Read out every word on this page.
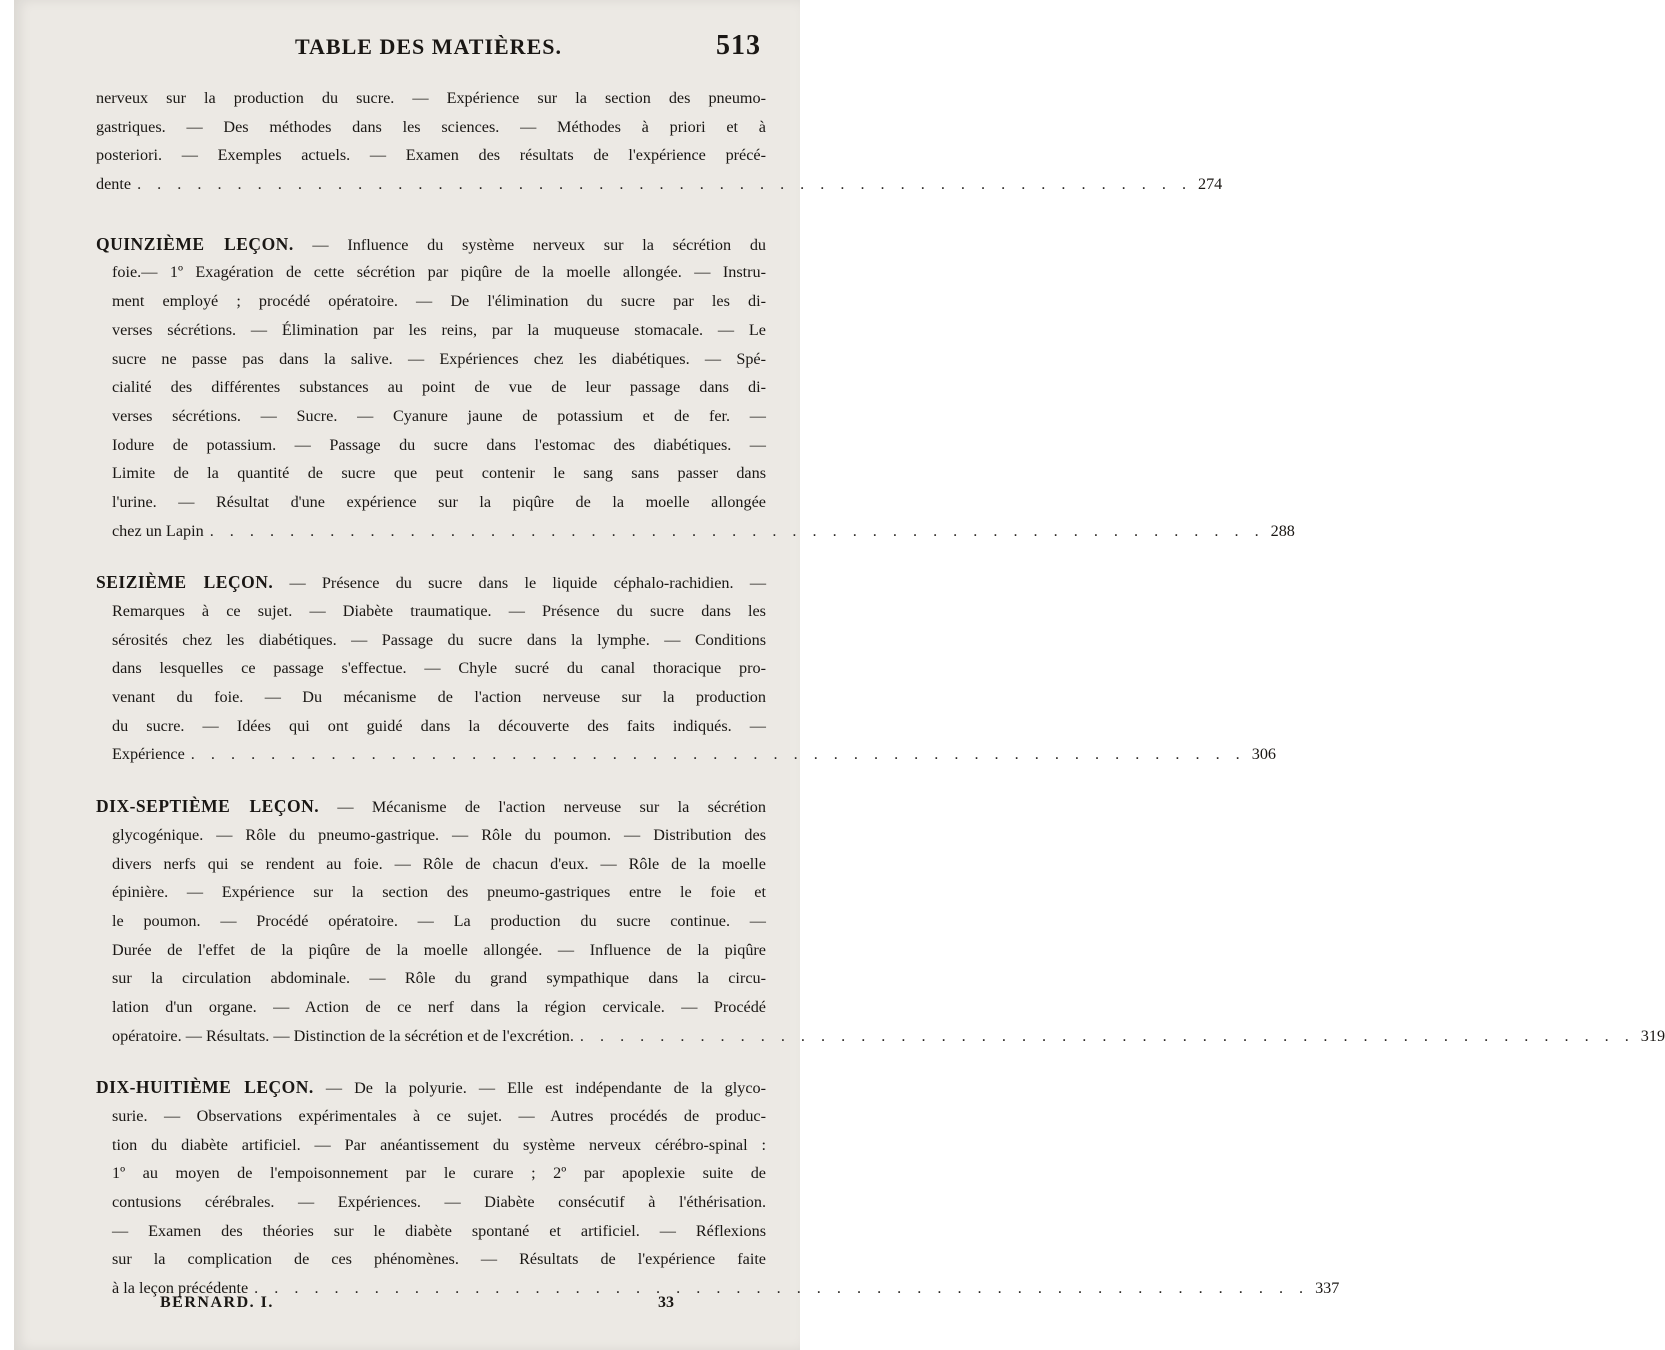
TABLE DES MATIÈRES.	513
nerveux sur la production du sucre. — Expérience sur la section des pneumo-
gastriques. — Des méthodes dans les sciences. — Méthodes à priori et à
posteriori. — Exemples actuels. — Examen des résultats de l'expérience précé-
dente . . . . . . . . . . . . . . . . . . . . . . . . . . . . . . . . . . . . . . . . . . . . . . . . . . . . . 274
QUINZIÈME LEÇON. — Influence du système nerveux sur la sécrétion du
foie.— 1º Exagération de cette sécrétion par piqûre de la moelle allongée. — Instru-
ment employé ; procédé opératoire. — De l'élimination du sucre par les di-
verses sécrétions. — Élimination par les reins, par la muqueuse stomacale. — Le
sucre ne passe pas dans la salive. — Expériences chez les diabétiques. — Spé-
cialité des différentes substances au point de vue de leur passage dans di-
verses sécrétions. — Sucre. — Cyanure jaune de potassium et de fer. —
Iodure de potassium. — Passage du sucre dans l'estomac des diabétiques. —
Limite de la quantité de sucre que peut contenir le sang sans passer dans
l'urine. — Résultat d'une expérience sur la piqûre de la moelle allongée
chez un Lapin . . . . . . . . . . . . . . . . . . . . . . . . . . . . . . . . . . . . . . . . . . . . . . . . . . . . . 288
SEIZIÈME LEÇON. — Présence du sucre dans le liquide céphalo-rachidien. —
Remarques à ce sujet. — Diabète traumatique. — Présence du sucre dans les
sérosités chez les diabétiques. — Passage du sucre dans la lymphe. — Conditions
dans lesquelles ce passage s'effectue. — Chyle sucré du canal thoracique pro-
venant du foie. — Du mécanisme de l'action nerveuse sur la production
du sucre. — Idées qui ont guidé dans la découverte des faits indiqués. —
Expérience . . . . . . . . . . . . . . . . . . . . . . . . . . . . . . . . . . . . . . . . . . . . . . . . . . . . . 306
DIX-SEPTIÈME LEÇON. — Mécanisme de l'action nerveuse sur la sécrétion
glycogénique. — Rôle du pneumo-gastrique. — Rôle du poumon. — Distribution des
divers nerfs qui se rendent au foie. — Rôle de chacun d'eux. — Rôle de la moelle
épinière. — Expérience sur la section des pneumo-gastriques entre le foie et
le poumon. — Procédé opératoire. — La production du sucre continue. —
Durée de l'effet de la piqûre de la moelle allongée. — Influence de la piqûre
sur la circulation abdominale. — Rôle du grand sympathique dans la circu-
lation d'un organe. — Action de ce nerf dans la région cervicale. — Procédé
opératoire. — Résultats. — Distinction de la sécrétion et de l'excrétion. . . . . . . . . . . . . . . . . . . . . . . . . . . . . . . . . . . . . . . . . . . . . . . . . . . . . . 319
DIX-HUITIÈME LEÇON. — De la polyurie. — Elle est indépendante de la glyco-
surie. — Observations expérimentales à ce sujet. — Autres procédés de produc-
tion du diabète artificiel. — Par anéantissement du système nerveux cérébro-spinal :
1º au moyen de l'empoisonnement par le curare ; 2º par apoplexie suite de
contusions cérébrales. — Expériences. — Diabète consécutif à l'éthérisation.
— Examen des théories sur le diabète spontané et artificiel. — Réflexions
sur la complication de ces phénomènes. — Résultats de l'expérience faite
à la leçon précédente . . . . . . . . . . . . . . . . . . . . . . . . . . . . . . . . . . . . . . . . . . . . . . . . . . . . . 337
BERNARD. I.	33
